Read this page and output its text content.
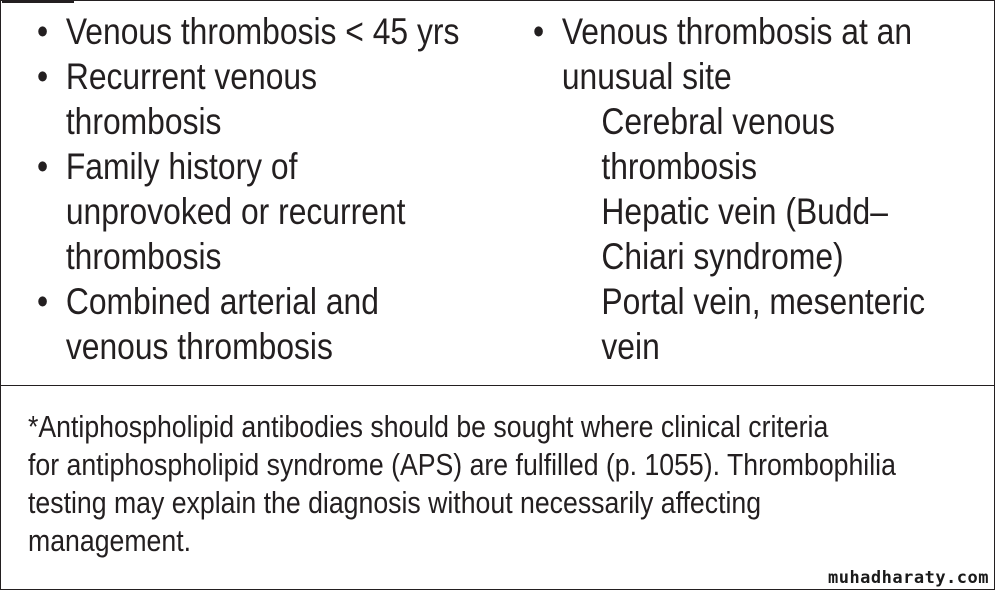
• Venous thrombosis < 45 yrs
• Recurrent venous
thrombosis
• Family history of
unprovoked or recurrent
thrombosis
• Combined arterial and
venous thrombosis
• Venous thrombosis at an
unusual site
Cerebral venous
thrombosis
Hepatic vein (Budd–
Chiari syndrome)
Portal vein, mesenteric
vein
*Antiphospholipid antibodies should be sought where clinical criteria
for antiphospholipid syndrome (APS) are fulfilled (p. 1055). Thrombophilia
testing may explain the diagnosis without necessarily affecting
management.
muhadharaty.com
